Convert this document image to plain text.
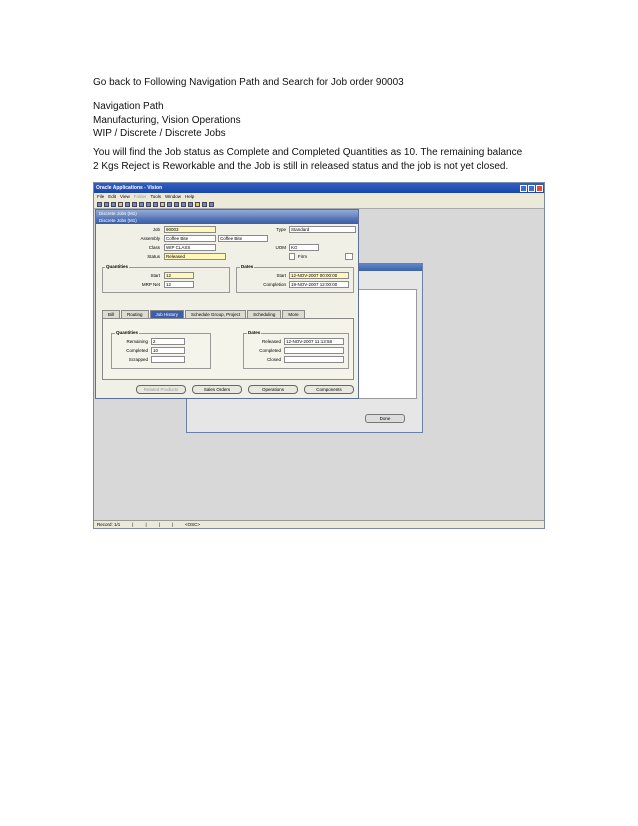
Go back to Following Navigation Path and Search for Job order 90003
Navigation Path
Manufacturing, Vision Operations
WIP / Discrete / Discrete Jobs
You will find the Job status as Complete and Completed Quantities as 10. The remaining balance
2 Kgs Reject is Reworkable and the Job is still in released status and the job is not yet closed.
Oracle Applications - Vision
File Edit View Folder Tools Window Help
Done
Discrete Jobs (M1)
Discrete Jobs (M1)
Job	90003	Type	Standard
Assembly	Coffee Bite	Coffee Bite
Class	WIP CLASS	UOM	KG
Status	Released	Firm
Quantities
Start	12
MRP Net	12
Dates
Start	12-NOV-2007 00:00:00
Completion	19-NOV-2007 12:00:00
Bill	Routing	Job History	Schedule Group, Project	Scheduling	More
Quantities
Remaining	2
Completed	10
Scrapped
Dates
Released	12-NOV-2007 11:13:58
Completed
Closed
Related Products	Sales Orders	Operations	Components
Record: 1/1	|	|	|	|	<OSC>
